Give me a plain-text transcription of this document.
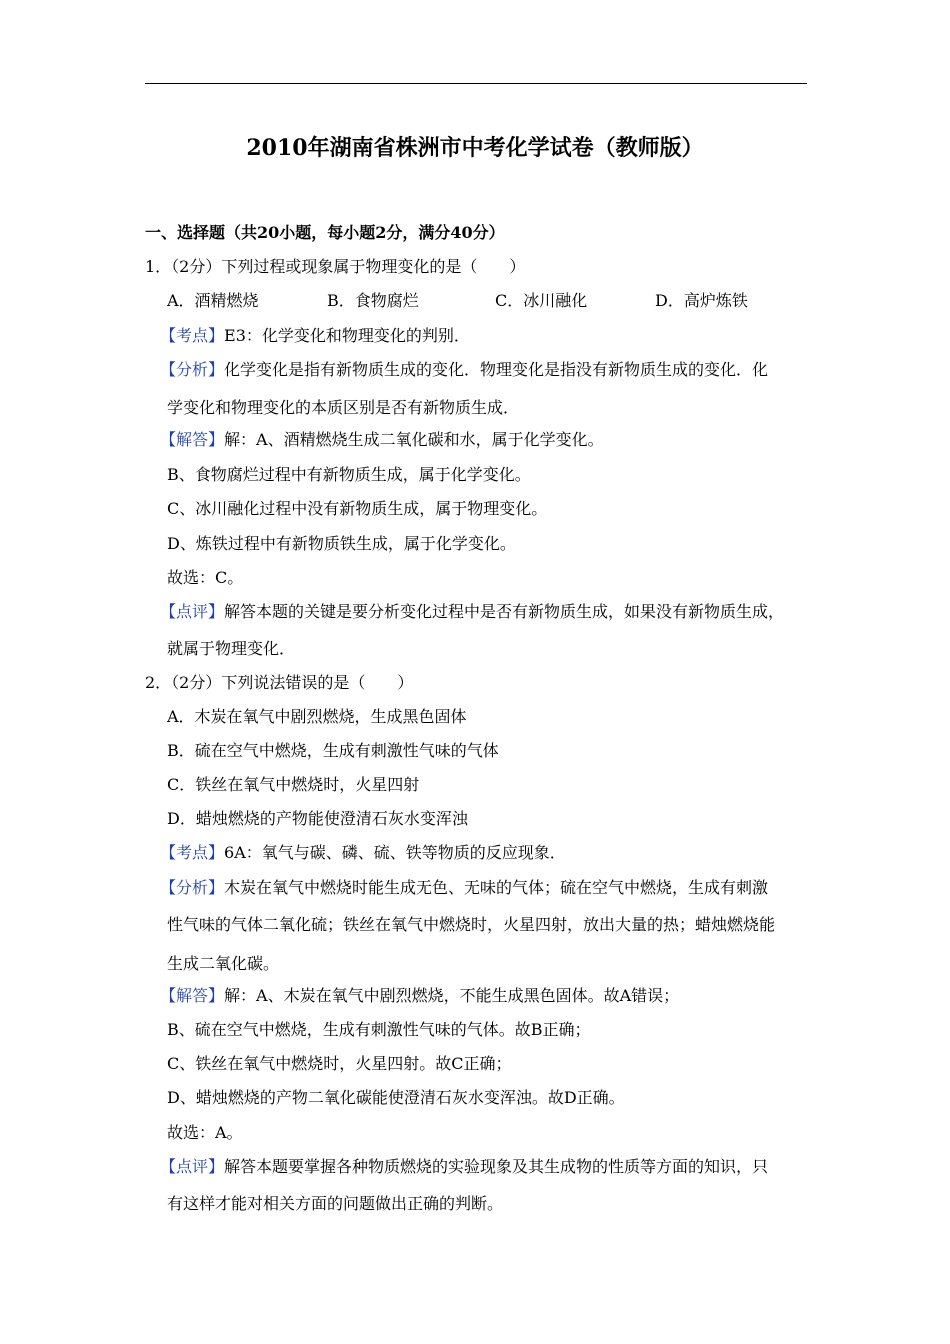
2010年湖南省株洲市中考化学试卷（教师版）
一、选择题（共20小题，每小题2分，满分40分）
1．（2分）下列过程或现象属于物理变化的是（　　）
A．酒精燃烧	B．食物腐烂	C．冰川融化	D．高炉炼铁
【考点】E3：化学变化和物理变化的判别．
【分析】化学变化是指有新物质生成的变化．物理变化是指没有新物质生成的变化．化
学变化和物理变化的本质区别是否有新物质生成．
【解答】解：A、酒精燃烧生成二氧化碳和水，属于化学变化。
B、食物腐烂过程中有新物质生成，属于化学变化。
C、冰川融化过程中没有新物质生成，属于物理变化。
D、炼铁过程中有新物质铁生成，属于化学变化。
故选：C。
【点评】解答本题的关键是要分析变化过程中是否有新物质生成，如果没有新物质生成，
就属于物理变化．
2．（2分）下列说法错误的是（　　）
A．木炭在氧气中剧烈燃烧，生成黑色固体
B．硫在空气中燃烧，生成有刺激性气味的气体
C．铁丝在氧气中燃烧时，火星四射
D．蜡烛燃烧的产物能使澄清石灰水变浑浊
【考点】6A：氧气与碳、磷、硫、铁等物质的反应现象．
【分析】木炭在氧气中燃烧时能生成无色、无味的气体；硫在空气中燃烧，生成有刺激
性气味的气体二氧化硫；铁丝在氧气中燃烧时，火星四射，放出大量的热；蜡烛燃烧能
生成二氧化碳。
【解答】解：A、木炭在氧气中剧烈燃烧，不能生成黑色固体。故A错误；
B、硫在空气中燃烧，生成有刺激性气味的气体。故B正确；
C、铁丝在氧气中燃烧时，火星四射。故C正确；
D、蜡烛燃烧的产物二氧化碳能使澄清石灰水变浑浊。故D正确。
故选：A。
【点评】解答本题要掌握各种物质燃烧的实验现象及其生成物的性质等方面的知识，只
有这样才能对相关方面的问题做出正确的判断。
